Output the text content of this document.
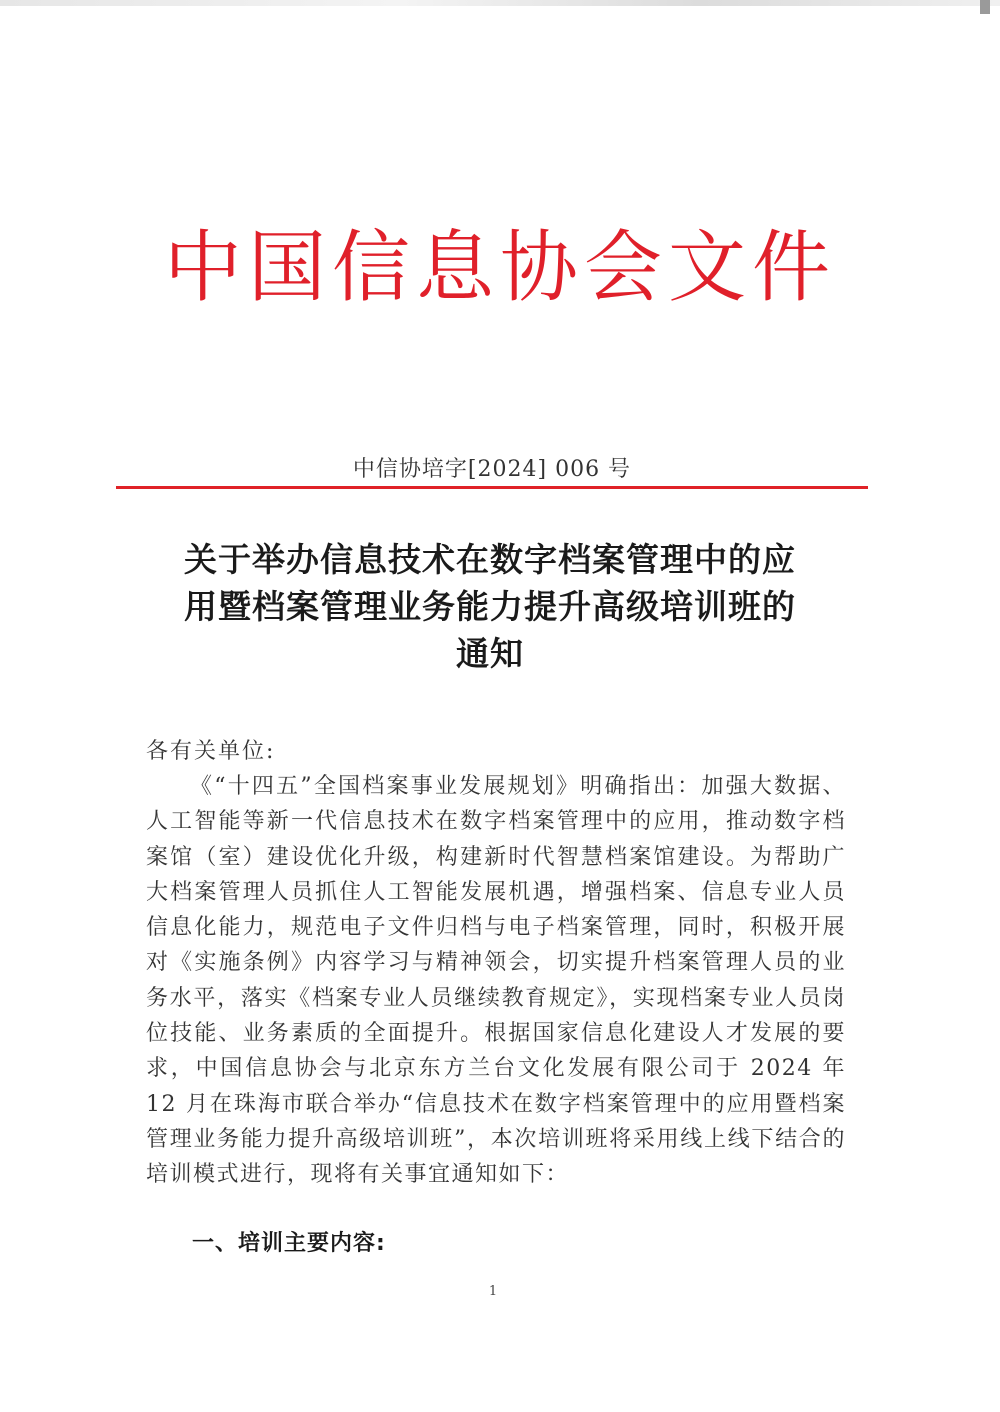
中国信息协会文件
中信协培字[2024] 006 号
关于举办信息技术在数字档案管理中的应
用暨档案管理业务能力提升高级培训班的
通知
各有关单位:

《“十四五”全国档案事业发展规划》明确指出：加强大数据、人工智能等新一代信息技术在数字档案管理中的应用，推动数字档案馆（室）建设优化升级，构建新时代智慧档案馆建设。为帮助广大档案管理人员抓住人工智能发展机遇，增强档案、信息专业人员信息化能力，规范电子文件归档与电子档案管理，同时，积极开展对《实施条例》内容学习与精神领会，切实提升档案管理人员的业务水平，落实《档案专业人员继续教育规定》，实现档案专业人员岗位技能、业务素质的全面提升。根据国家信息化建设人才发展的要求，中国信息协会与北京东方兰台文化发展有限公司于 2024 年 12 月在珠海市联合举办“信息技术在数字档案管理中的应用暨档案管理业务能力提升高级培训班”，本次培训班将采用线上线下结合的培训模式进行，现将有关事宜通知如下：

一、培训主要内容:
1
